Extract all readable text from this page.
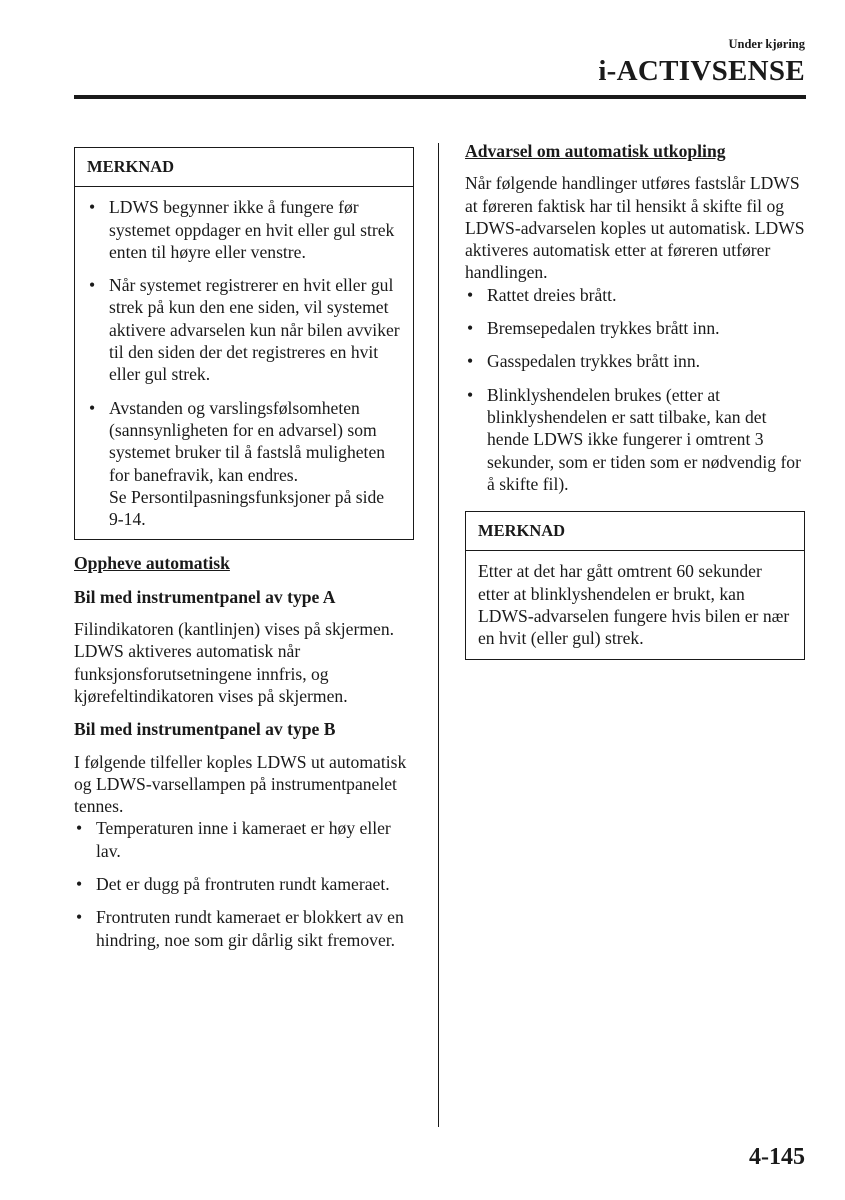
Under kjøring
i-ACTIVSENSE
MERKNAD
• LDWS begynner ikke å fungere før systemet oppdager en hvit eller gul strek enten til høyre eller venstre.
• Når systemet registrerer en hvit eller gul strek på kun den ene siden, vil systemet aktivere advarselen kun når bilen avviker til den siden der det registreres en hvit eller gul strek.
• Avstanden og varslingsfølsomheten (sannsynligheten for en advarsel) som systemet bruker til å fastslå muligheten for banefravik, kan endres.
Se Persontilpasningsfunksjoner på side 9-14.
Oppheve automatisk
Bil med instrumentpanel av type A

Filindikatoren (kantlinjen) vises på skjermen.
LDWS aktiveres automatisk når funksjonsforutsetningene innfris, og kjørefeltindikatoren vises på skjermen.

Bil med instrumentpanel av type B

I følgende tilfeller koples LDWS ut automatisk og LDWS-varsellampen på instrumentpanelet tennes.

• Temperaturen inne i kameraet er høy eller lav.
• Det er dugg på frontruten rundt kameraet.
• Frontruten rundt kameraet er blokkert av en hindring, noe som gir dårlig sikt fremover.
Advarsel om automatisk utkopling

Når følgende handlinger utføres fastslår LDWS at føreren faktisk har til hensikt å skifte fil og LDWS-advarselen koples ut automatisk. LDWS aktiveres automatisk etter at føreren utfører handlingen.

• Rattet dreies brått.
• Bremsepedalen trykkes brått inn.
• Gasspedalen trykkes brått inn.
• Blinklyshendelen brukes (etter at blinklyshendelen er satt tilbake, kan det hende LDWS ikke fungerer i omtrent 3 sekunder, som er tiden som er nødvendig for å skifte fil).
MERKNAD
Etter at det har gått omtrent 60 sekunder etter at blinklyshendelen er brukt, kan LDWS-advarselen fungere hvis bilen er nær en hvit (eller gul) strek.
4-145
